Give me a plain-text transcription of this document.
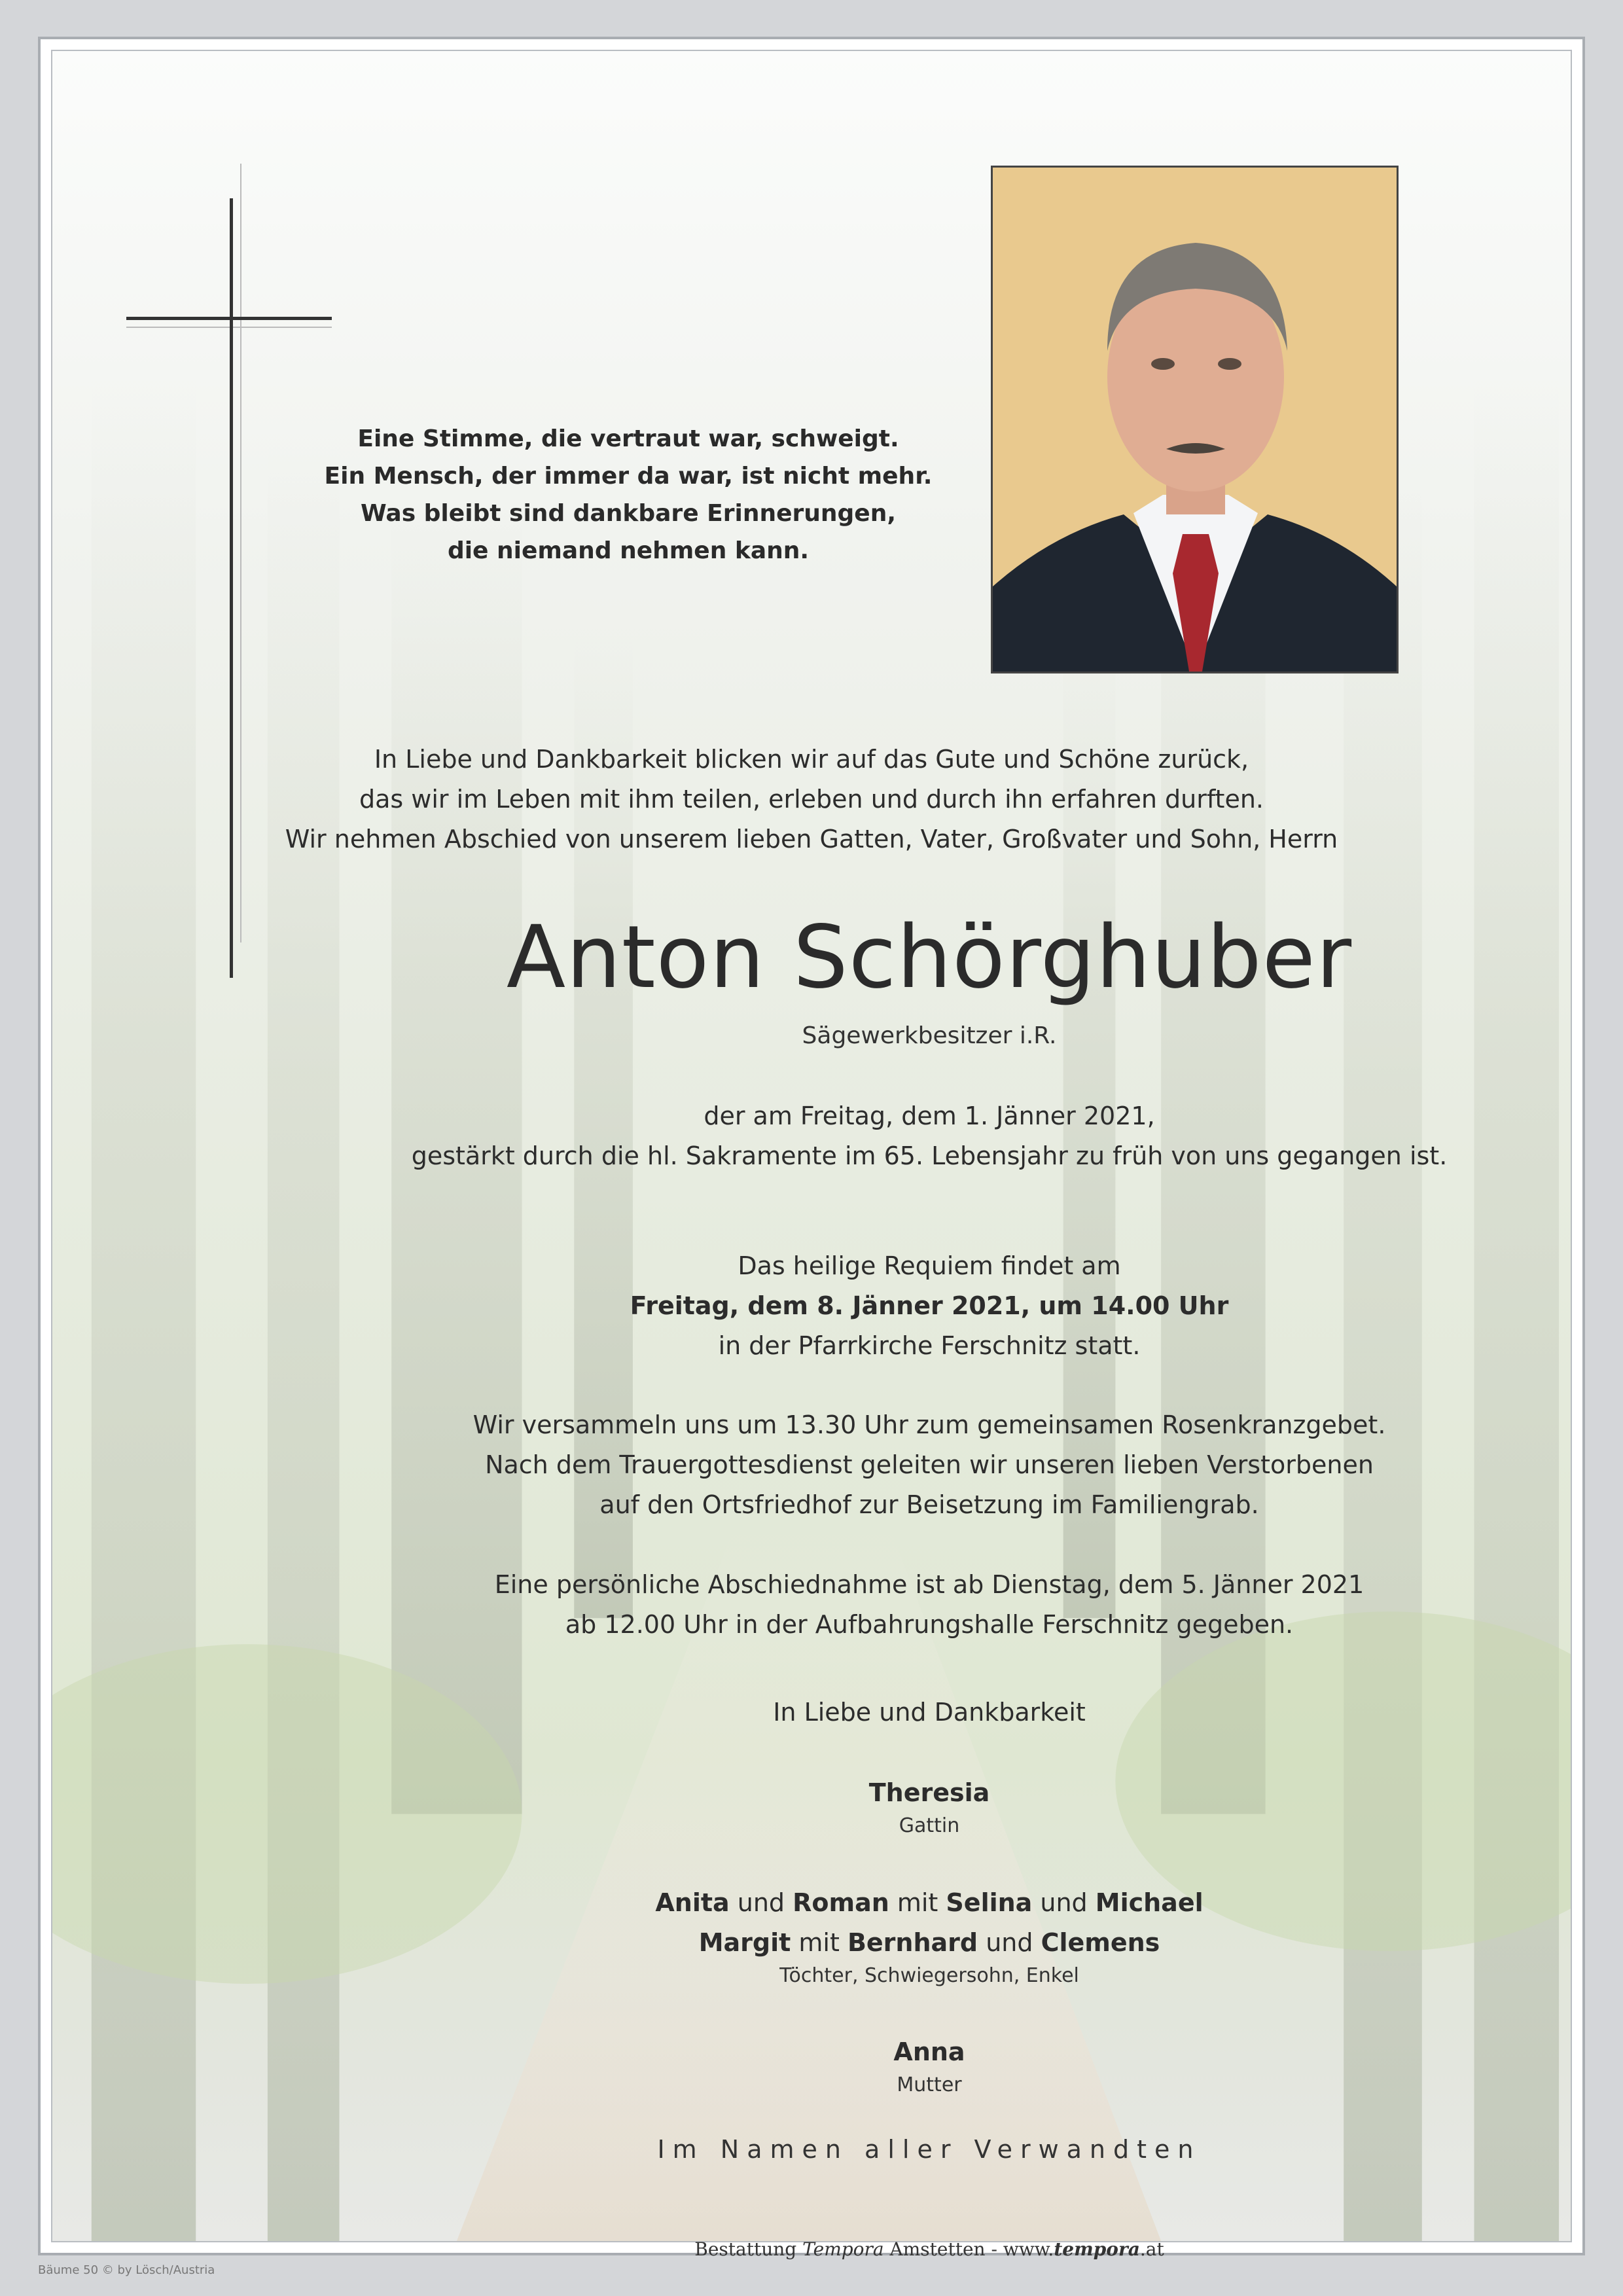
Eine Stimme, die vertraut war, schweigt.
Ein Mensch, der immer da war, ist nicht mehr.
Was bleibt sind dankbare Erinnerungen,
die niemand nehmen kann.
In Liebe und Dankbarkeit blicken wir auf das Gute und Schöne zurück,
das wir im Leben mit ihm teilen, erleben und durch ihn erfahren durften.
Wir nehmen Abschied von unserem lieben Gatten, Vater, Großvater und Sohn, Herrn
Anton Schörghuber
Sägewerkbesitzer i.R.
der am Freitag, dem 1. Jänner 2021,
gestärkt durch die hl. Sakramente im 65. Lebensjahr zu früh von uns gegangen ist.
Das heilige Requiem findet am
Freitag, dem 8. Jänner 2021, um 14.00 Uhr
in der Pfarrkirche Ferschnitz statt.
Wir versammeln uns um 13.30 Uhr zum gemeinsamen Rosenkranzgebet.
Nach dem Trauergottesdienst geleiten wir unseren lieben Verstorbenen
auf den Ortsfriedhof zur Beisetzung im Familiengrab.
Eine persönliche Abschiednahme ist ab Dienstag, dem 5. Jänner 2021
ab 12.00 Uhr in der Aufbahrungshalle Ferschnitz gegeben.
In Liebe und Dankbarkeit
Theresia
Gattin
Anita und Roman mit Selina und Michael
Margit mit Bernhard und Clemens
Töchter, Schwiegersohn, Enkel
Anna
Mutter
Im Namen aller Verwandten
Bestattung Tempora Amstetten - www.tempora.at
Bäume 50 © by Lösch/Austria
